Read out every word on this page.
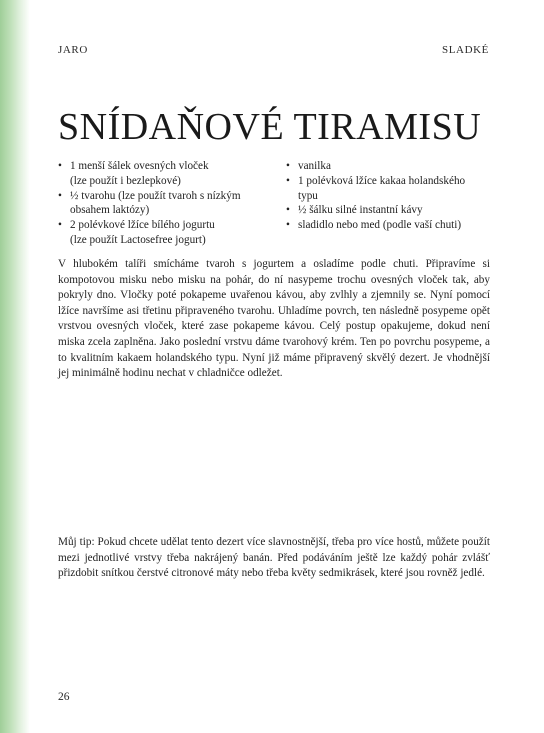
JARO	SLADKÉ
SNÍDAŇOVÉ TIRAMISU
• 1 menší šálek ovesných vloček
(lze použít i bezlepkové)
• ½ tvarohu (lze použít tvaroh s nízkým
obsahem laktózy)
• 2 polévkové lžíce bílého jogurtu
(lze použít Lactosefree jogurt)
• vanilka
• 1 polévková lžíce kakaa holandského
typu
• ½ šálku silné instantní kávy
• sladidlo nebo med (podle vaší chuti)

V hlubokém talíři smícháme tvaroh s jogurtem a osladíme podle chuti. Připravíme si kompotovou misku nebo misku na pohár, do ní nasypeme trochu ovesných vloček tak, aby pokryly dno. Vločky poté pokapeme uvařenou kávou, aby zvlhly a zjemnily se. Nyní pomocí lžíce navršíme asi třetinu připraveného tvarohu. Uhladíme povrch, ten následně posypeme opět vrstvou ovesných vloček, které zase pokapeme kávou. Celý postup opakujeme, dokud není miska zcela zaplněna. Jako poslední vrstvu dáme tvarohový krém. Ten po povrchu posypeme, a to kvalitním kakaem holandského typu. Nyní již máme připravený skvělý dezert. Je vhodnější jej minimálně hodinu nechat v chladničce odležet.

Můj tip: Pokud chcete udělat tento dezert více slavnostnější, třeba pro více hostů, můžete použít mezi jednotlivé vrstvy třeba nakrájený banán. Před podáváním ještě lze každý pohár zvlášť přizdobit snítkou čerstvé citronové máty nebo třeba květy sedmikrásek, které jsou rovněž jedlé.

26
